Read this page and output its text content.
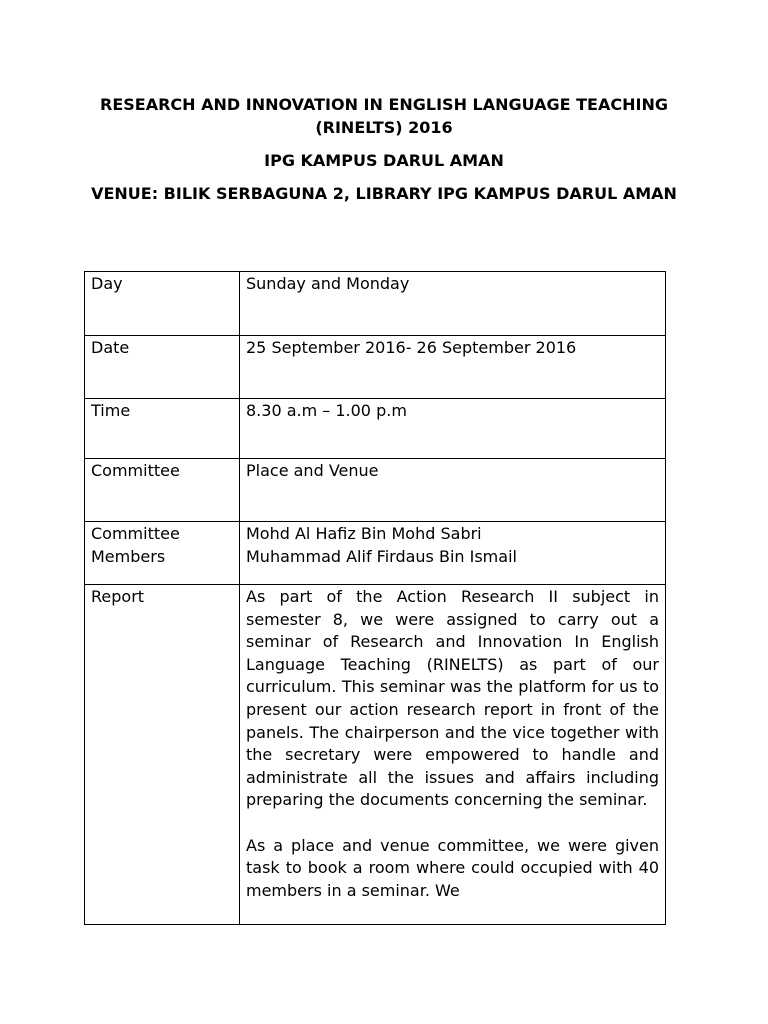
RESEARCH AND INNOVATION IN ENGLISH LANGUAGE TEACHING (RINELTS) 2016
IPG KAMPUS DARUL AMAN
VENUE: BILIK SERBAGUNA 2, LIBRARY IPG KAMPUS DARUL AMAN
Day	Sunday and Monday

Date	25 September 2016- 26 September 2016

Time	8.30 a.m – 1.00 p.m

Committee	Place and Venue

Committee Members	Mohd Al Hafiz Bin Mohd Sabri
Muhammad Alif Firdaus Bin Ismail

Report	As part of the Action Research II subject in semester 8, we were assigned to carry out a seminar of Research and Innovation In English Language Teaching (RINELTS) as part of our curriculum. This seminar was the platform for us to present our action research report in front of the panels. The chairperson and the vice together with the secretary were empowered to handle and administrate all the issues and affairs including preparing the documents concerning the seminar.

As a place and venue committee, we were given task to book a room where could occupied with 40 members in a seminar. We
